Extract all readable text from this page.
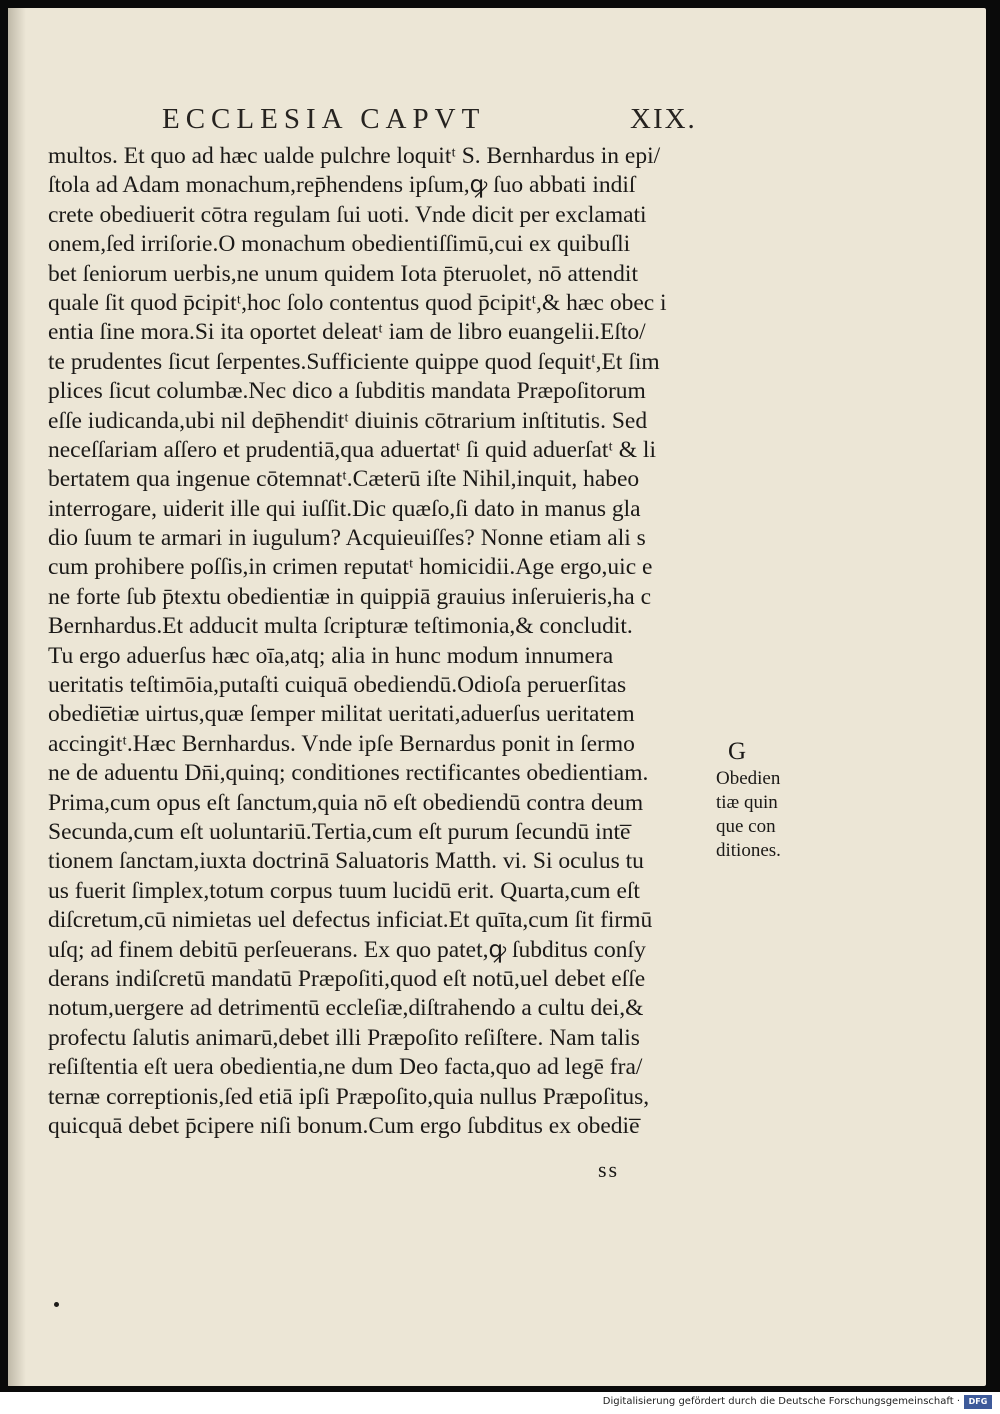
ECCLESIA CAPVT	XIX.
multos. Et quo ad hæc ualde pulchre loquitᵗ S. Bernhardus in epi/
ſtola ad Adam monachum,rep̄hendens ipſum,ꝙ ſuo abbati indiſ
crete obediuerit cōtra regulam ſui uoti. Vnde dicit per exclamati
onem,ſed irriſorie.O monachum obedientiſſimū,cui ex quibuſli
bet ſeniorum uerbis,ne unum quidem Iota p̄teruolet, nō attendit
quale ſit quod p̄cipitᵗ,hoc ſolo contentus quod p̄cipitᵗ,& hæc obec i
entia ſine mora.Si ita oportet deleatᵗ iam de libro euangelii.Eſto/
te prudentes ſicut ſerpentes.Sufficiente quippe quod ſequitᵗ,Et ſim
plices ſicut columbæ.Nec dico a ſubditis mandata Præpoſitorum
eſſe iudicanda,ubi nil dep̄henditᵗ diuinis cōtrarium inſtitutis. Sed
neceſſariam aſſero et prudentiā,qua aduertatᵗ ſi quid aduerſatᵗ & li
bertatem qua ingenue cōtemnatᵗ.Cæterū iſte Nihil,inquit, habeo
interrogare, uiderit ille qui iuſſit.Dic quæſo,ſi dato in manus gla
dio ſuum te armari in iugulum? Acquieuiſſes? Nonne etiam ali s
cum prohibere poſſis,in crimen reputatᵗ homicidii.Age ergo,uic e
ne forte ſub p̄textu obedientiæ in quippiā grauius inſeruieris,ha c
Bernhardus.Et adducit multa ſcripturæ teſtimonia,& concludit.
Tu ergo aduerſus hæc oīa,atq; alia in hunc modum innumera
ueritatis teſtimōia,putaſti cuiquā obediendū.Odioſa peruerſitas
obedie̅tiæ uirtus,quæ ſemper militat ueritati,aduerſus ueritatem
accingitᵗ.Hæc Bernhardus. Vnde ipſe Bernardus ponit in ſermo
ne de aduentu Dn̄i,quinq; conditiones rectificantes obedientiam.
Prima,cum opus eſt ſanctum,quia nō eſt obediendū contra deum
Secunda,cum eſt uoluntariū.Tertia,cum eſt purum ſecundū inte̅
tionem ſanctam,iuxta doctrinā Saluatoris Matth. vi. Si oculus tu
us fuerit ſimplex,totum corpus tuum lucidū erit. Quarta,cum eſt
diſcretum,cū nimietas uel defectus inficiat.Et quīta,cum ſit firmū
uſq; ad finem debitū perſeuerans. Ex quo patet,ꝙ ſubditus conſy
derans indiſcretū mandatū Præpoſiti,quod eſt notū,uel debet eſſe
notum,uergere ad detrimentū eccleſiæ,diſtrahendo a cultu dei,&
profectu ſalutis animarū,debet illi Præpoſito reſiſtere. Nam talis
reſiſtentia eſt uera obedientia,ne dum Deo facta,quo ad legē fra/
ternæ correptionis,ſed etiā ipſi Præpoſito,quia nullus Præpoſitus,
quicquā debet p̄cipere niſi bonum.Cum ergo ſubditus ex obedie̅
G
Obedien
tiæ quin
que con
ditiones.
ss
Digitalisierung gefördert durch die Deutsche Forschungsgemeinschaft ·	DFG
